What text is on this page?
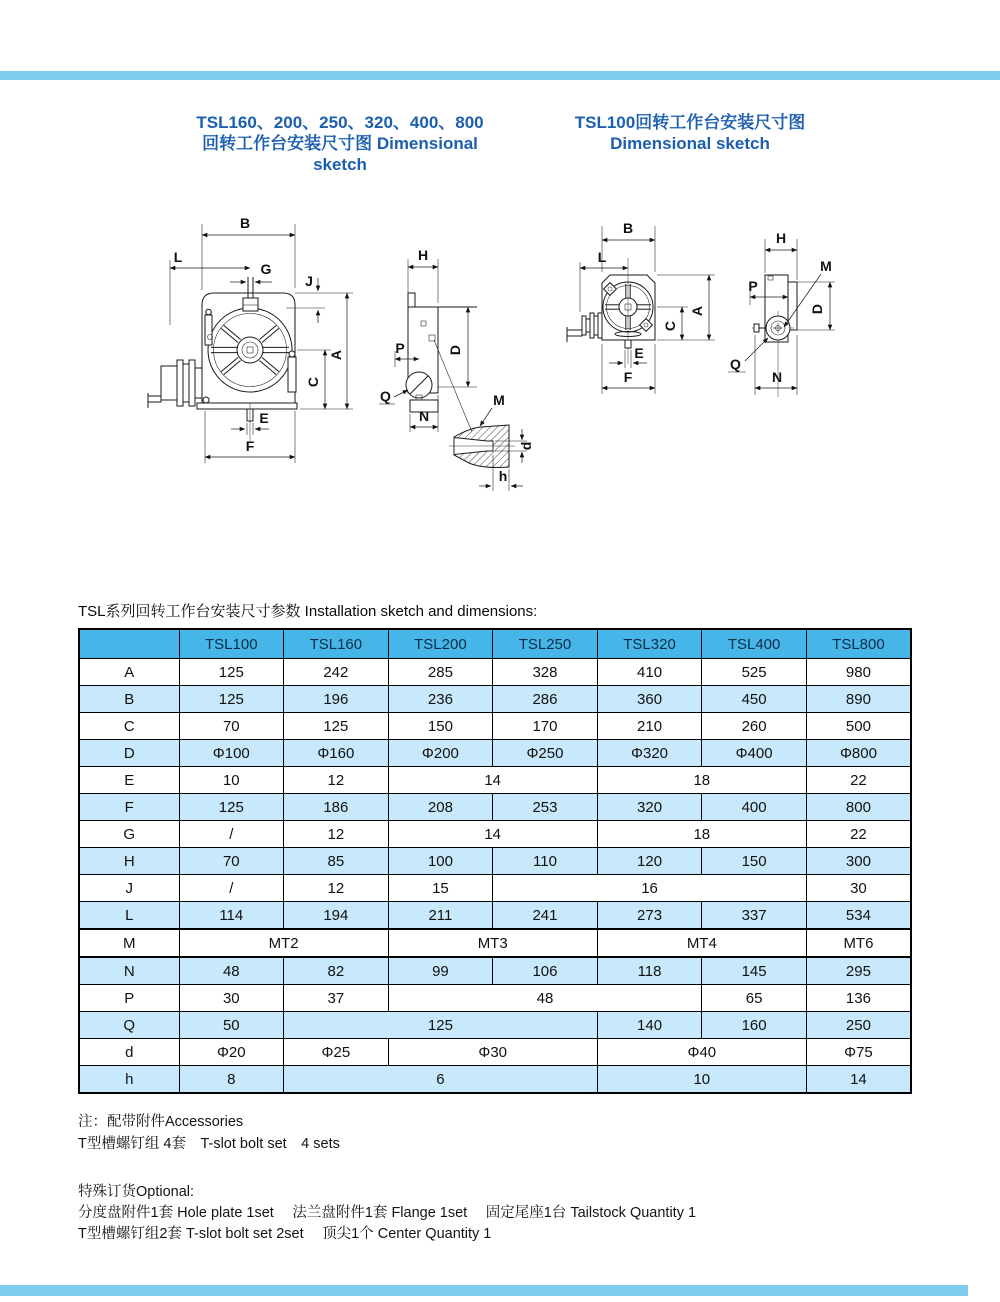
TSL160、200、250、320、400、800
回转工作台安装尺寸图 Dimensional sketch
TSL100回转工作台安装尺寸图
Dimensional sketch
B
L
G
J
A
C
E
F
H
D
P
Q
N
M
d
h
B
L
A
C
E
F
H
M
D
P
Q
N
TSL系列回转工作台安装尺寸参数 Installation sketch and dimensions:
	TSL100	TSL160	TSL200	TSL250	TSL320	TSL400	TSL800
A	125	242	285	328	410	525	980
B	125	196	236	286	360	450	890
C	70	125	150	170	210	260	500
D	Φ100	Φ160	Φ200	Φ250	Φ320	Φ400	Φ800
E	10	12	14		18		22
F	125	186	208	253	320	400	800
G	/	12	14		18		22
H	70	85	100	110	120	150	300
J	/	12	15	16			30
L	114	194	211	241	273	337	534
M	MT2		MT3		MT4		MT6
N	48	82	99	106	118	145	295
P	30	37	48			65	136
Q	50	125			140	160	250
d	Φ20	Φ25	Φ30		Φ40		Φ75
h	8	6			10		14
注：配带附件Accessories
T型槽螺钉组 4套　T-slot bolt set　4 sets
特殊订货Optional:
分度盘附件1套 Hole plate 1set　 法兰盘附件1套 Flange 1set　 固定尾座1台 Tailstock Quantity 1
T型槽螺钉组2套 T-slot bolt set 2set　 顶尖1个 Center Quantity 1
